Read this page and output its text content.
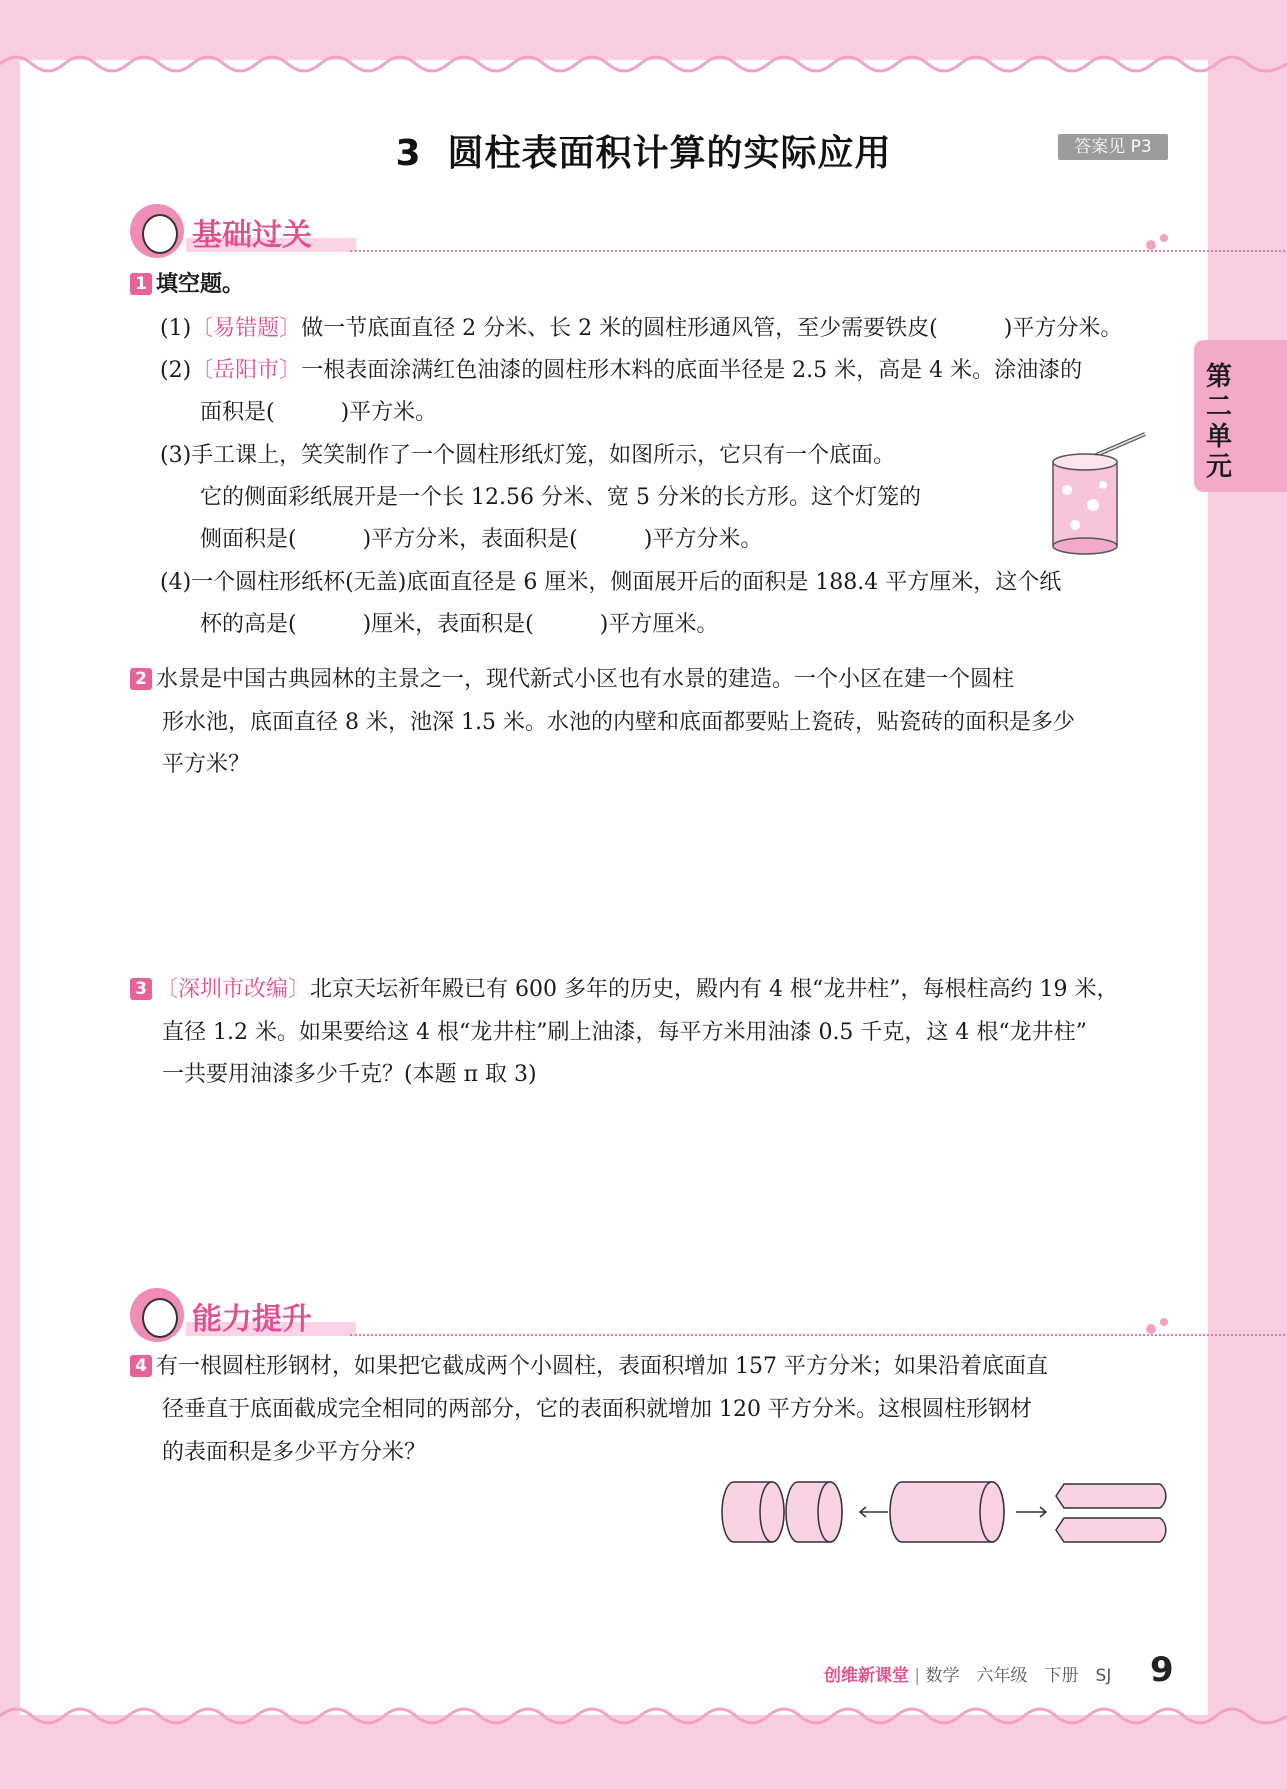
3 圆柱表面积计算的实际应用	答案见 P3
第
二
单
元
基础过关
1 填空题。
(1)〔易错题〕做一节底面直径 2 分米、长 2 米的圆柱形通风管，至少需要铁皮(　　　)平方分米。
(2)〔岳阳市〕一根表面涂满红色油漆的圆柱形木料的底面半径是 2.5 米，高是 4 米。涂油漆的
面积是(　　　)平方米。
(3)手工课上，笑笑制作了一个圆柱形纸灯笼，如图所示，它只有一个底面。
它的侧面彩纸展开是一个长 12.56 分米、宽 5 分米的长方形。这个灯笼的
侧面积是(　　　)平方分米，表面积是(　　　)平方分米。
(4)一个圆柱形纸杯(无盖)底面直径是 6 厘米，侧面展开后的面积是 188.4 平方厘米，这个纸
杯的高是(　　　)厘米，表面积是(　　　)平方厘米。
2 水景是中国古典园林的主景之一，现代新式小区也有水景的建造。一个小区在建一个圆柱
形水池，底面直径 8 米，池深 1.5 米。水池的内壁和底面都要贴上瓷砖，贴瓷砖的面积是多少
平方米？
3 〔深圳市改编〕北京天坛祈年殿已有 600 多年的历史，殿内有 4 根“龙井柱”，每根柱高约 19 米，
直径 1.2 米。如果要给这 4 根“龙井柱”刷上油漆，每平方米用油漆 0.5 千克，这 4 根“龙井柱”
一共要用油漆多少千克？(本题 π 取 3)
能力提升
4 有一根圆柱形钢材，如果把它截成两个小圆柱，表面积增加 157 平方分米；如果沿着底面直
径垂直于底面截成完全相同的两部分，它的表面积就增加 120 平方分米。这根圆柱形钢材
的表面积是多少平方分米？
创维新课堂 | 数学　六年级　下册　SJ 9
